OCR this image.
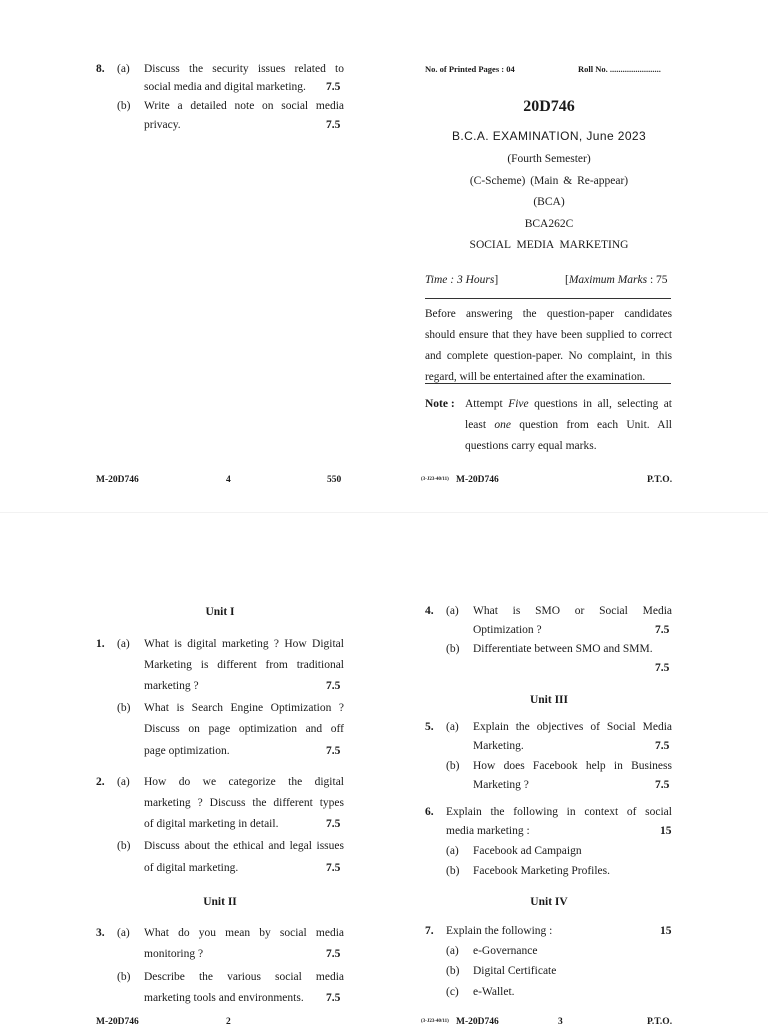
8. (a) Discuss the security issues related to
social media and digital marketing. 7.5
(b) Write a detailed note on social media
privacy.	7.5
M-20D746	4	550
No. of Printed Pages : 04	Roll No. ........................
20D746
B.C.A. EXAMINATION, June 2023
(Fourth Semester)
(C-Scheme) (Main & Re-appear)
(BCA)
BCA262C
SOCIAL MEDIA MARKETING
Time : 3 Hours]	[Maximum Marks : 75
Before answering the question-paper candidates
should ensure that they have been supplied to correct
and complete question-paper. No complaint, in this
regard, will be entertained after the examination.
Note : Attempt Five questions in all, selecting at
least one question from each Unit. All
questions carry equal marks.
(3-J23-40/11) M-20D746	P.T.O.
Unit I
1. (a) What is digital marketing ? How Digital
Marketing is different from traditional
marketing ?	7.5
(b) What is Search Engine Optimization ?
Discuss on page optimization and off
page optimization.	7.5
2. (a) How do we categorize the digital
marketing ? Discuss the different types
of digital marketing in detail.	7.5
(b) Discuss about the ethical and legal issues
of digital marketing.	7.5
Unit II
3. (a) What do you mean by social media
monitoring ?	7.5
(b) Describe the various social media
marketing tools and environments. 7.5
M-20D746	2
4. (a) What is SMO or Social Media
Optimization ?	7.5
(b) Differentiate between SMO and SMM.
7.5
Unit III
5. (a) Explain the objectives of Social Media
Marketing.	7.5
(b) How does Facebook help in Business
Marketing ?	7.5
6. Explain the following in context of social
media marketing :	15
(a) Facebook ad Campaign
(b) Facebook Marketing Profiles.
Unit IV
7. Explain the following :	15
(a) e-Governance
(b) Digital Certificate
(c) e-Wallet.
(3-J23-40/11) M-20D746	3	P.T.O.
